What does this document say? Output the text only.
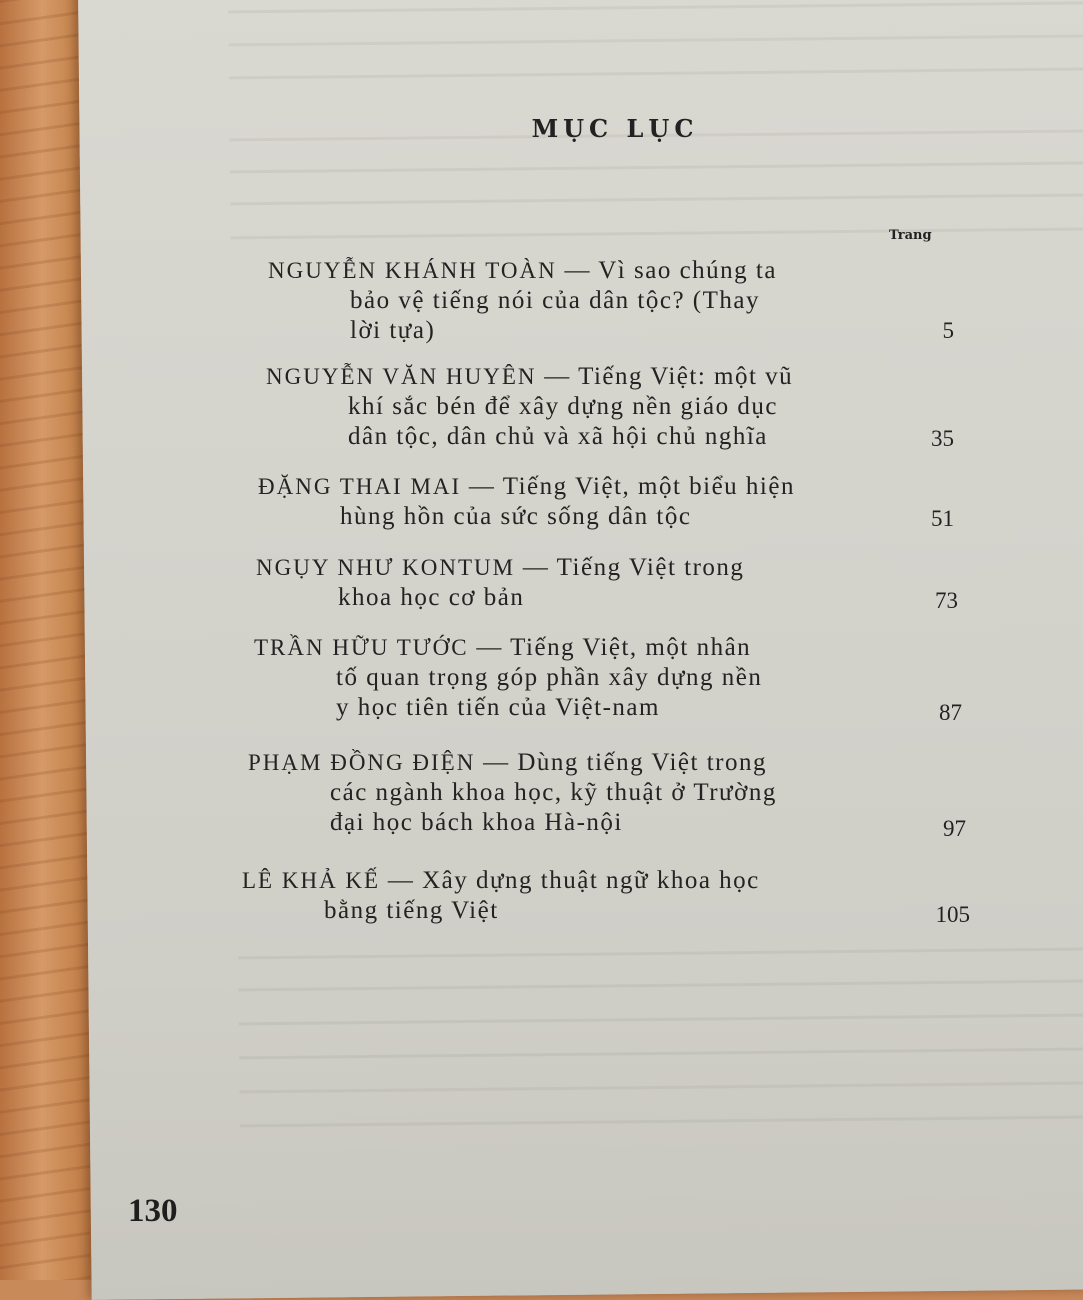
MỤC LỤC
Trang
NGUYỄN KHÁNH TOÀN — Vì sao chúng ta
bảo vệ tiếng nói của dân tộc? (Thay
lời tựa)	5
NGUYỄN VĂN HUYÊN — Tiếng Việt: một vũ
khí sắc bén để xây dựng nền giáo dục
dân tộc, dân chủ và xã hội chủ nghĩa	35
ĐẶNG THAI MAI — Tiếng Việt, một biểu hiện
hùng hồn của sức sống dân tộc	51
NGỤY NHƯ KONTUM — Tiếng Việt trong
khoa học cơ bản	73
TRẦN HỮU TƯỚC — Tiếng Việt, một nhân
tố quan trọng góp phần xây dựng nền
y học tiên tiến của Việt-nam	87
PHẠM ĐỒNG ĐIỆN — Dùng tiếng Việt trong
các ngành khoa học, kỹ thuật ở Trường
đại học bách khoa Hà-nội	97
LÊ KHẢ KẾ — Xây dựng thuật ngữ khoa học
bằng tiếng Việt	105
130
